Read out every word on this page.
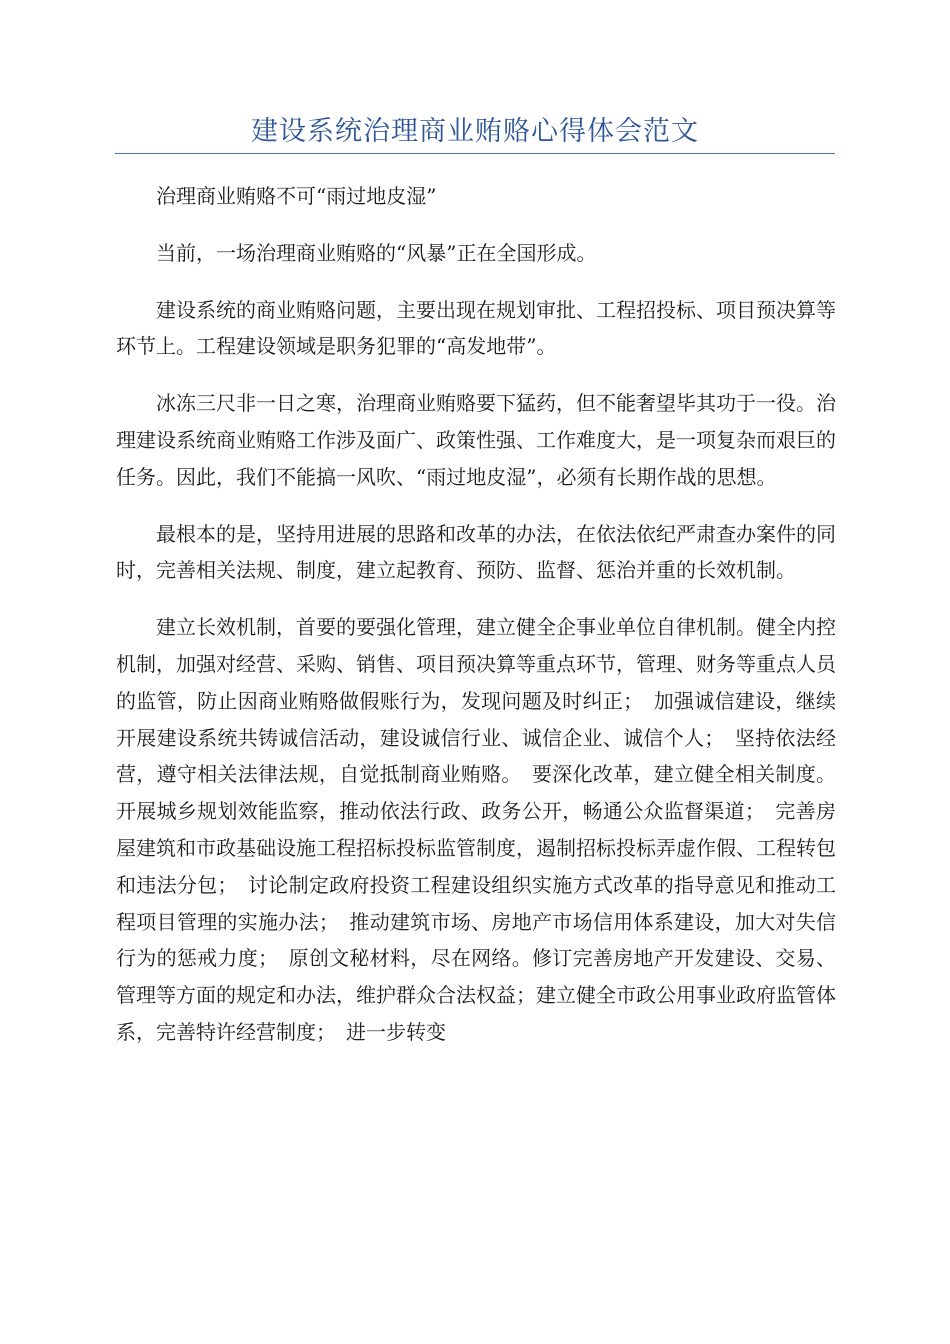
建设系统治理商业贿赂心得体会范文

治理商业贿赂不可“雨过地皮湿”

当前，一场治理商业贿赂的“风暴”正在全国形成。

建设系统的商业贿赂问题，主要出现在规划审批、工程招投标、项目预决算等环节上。工程建设领域是职务犯罪的“高发地带”。

冰冻三尺非一日之寒，治理商业贿赂要下猛药，但不能奢望毕其功于一役。治理建设系统商业贿赂工作涉及面广、政策性强、工作难度大，是一项复杂而艰巨的任务。因此，我们不能搞一风吹、“雨过地皮湿”，必须有长期作战的思想。

最根本的是，坚持用进展的思路和改革的办法，在依法依纪严肃查办案件的同时，完善相关法规、制度，建立起教育、预防、监督、惩治并重的长效机制。

建立长效机制，首要的要强化管理，建立健全企事业单位自律机制。健全内控机制，加强对经营、采购、销售、项目预决算等重点环节，管理、财务等重点人员的监管，防止因商业贿赂做假账行为，发现问题及时纠正；　加强诚信建设，继续开展建设系统共铸诚信活动，建设诚信行业、诚信企业、诚信个人；　坚持依法经营，遵守相关法律法规，自觉抵制商业贿赂。　要深化改革，建立健全相关制度。开展城乡规划效能监察，推动依法行政、政务公开，畅通公众监督渠道；　完善房屋建筑和市政基础设施工程招标投标监管制度，遏制招标投标弄虚作假、工程转包和违法分包；　讨论制定政府投资工程建设组织实施方式改革的指导意见和推动工程项目管理的实施办法；　推动建筑市场、房地产市场信用体系建设，加大对失信行为的惩戒力度；　原创文秘材料，尽在网络。修订完善房地产开发建设、交易、管理等方面的规定和办法，维护群众合法权益；建立健全市政公用事业政府监管体系，完善特许经营制度；　进一步转变
